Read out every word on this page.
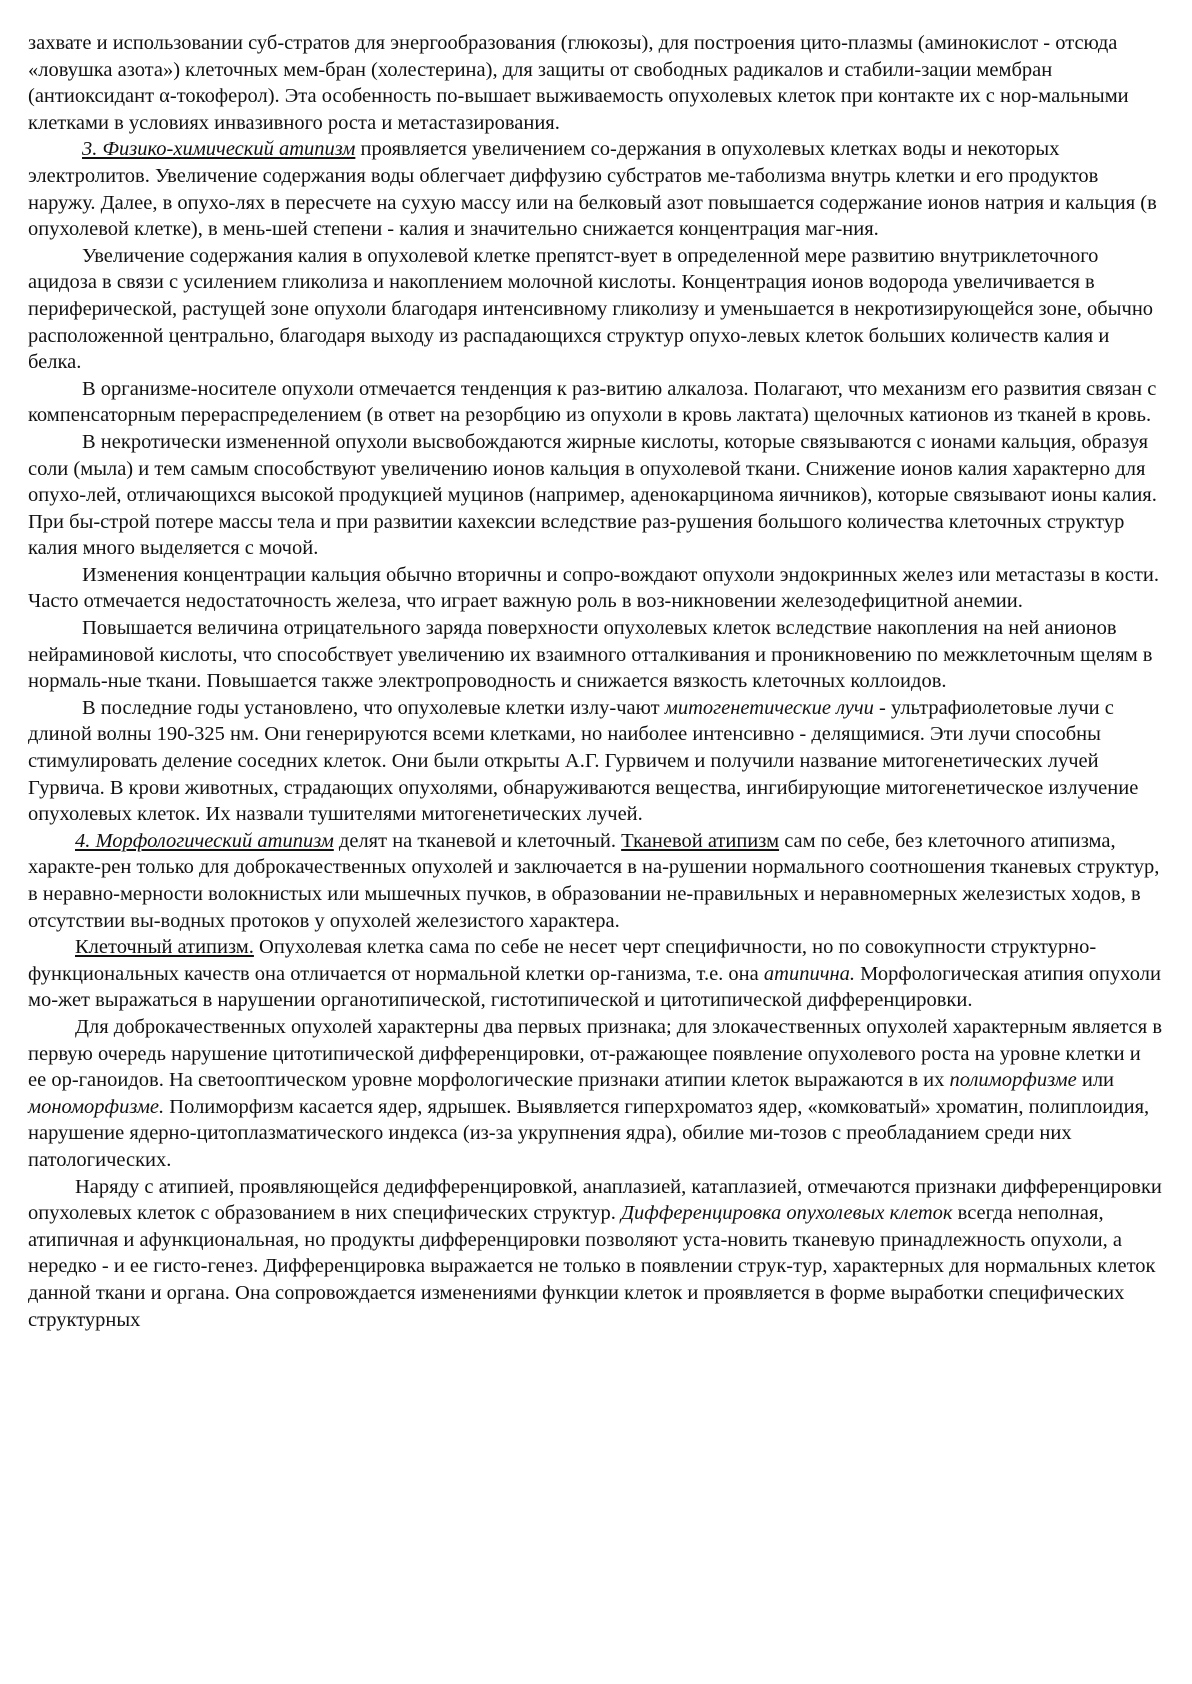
захвате и использовании суб-стратов для энергообразования (глюкозы), для построения цито-плазмы (аминокислот - отсюда «ловушка азота») клеточных мем-бран (холестерина), для защиты от свободных радикалов и стабили-зации мембран (антиоксидант α-токоферол). Эта особенность по-вышает выживаемость опухолевых клеток при контакте их с нор-мальными клетками в условиях инвазивного роста и метастазирования.

3. Физико-химический атипизм проявляется увеличением со-держания в опухолевых клетках воды и некоторых электролитов. Увеличение содержания воды облегчает диффузию субстратов ме-таболизма внутрь клетки и его продуктов наружу. Далее, в опухо-лях в пересчете на сухую массу или на белковый азот повышается содержание ионов натрия и кальция (в опухолевой клетке), в мень-шей степени - калия и значительно снижается концентрация маг-ния.

Увеличение содержания калия в опухолевой клетке препятст-вует в определенной мере развитию внутриклеточного ацидоза в связи с усилением гликолиза и накоплением молочной кислоты. Концентрация ионов водорода увеличивается в периферической, растущей зоне опухоли благодаря интенсивному гликолизу и уменьшается в некротизирующейся зоне, обычно расположенной центрально, благодаря выходу из распадающихся структур опухо-левых клеток больших количеств калия и белка.

В организме-носителе опухоли отмечается тенденция к раз-витию алкалоза. Полагают, что механизм его развития связан с компенсаторным перераспределением (в ответ на резорбцию из опухоли в кровь лактата) щелочных катионов из тканей в кровь.

В некротически измененной опухоли высвобождаются жирные кислоты, которые связываются с ионами кальция, образуя соли (мыла) и тем самым способствуют увеличению ионов кальция в опухолевой ткани. Снижение ионов калия характерно для опухо-лей, отличающихся высокой продукцией муцинов (например, аденокарцинома яичников), которые связывают ионы калия. При бы-строй потере массы тела и при развитии кахексии вследствие раз-рушения большого количества клеточных структур калия много выделяется с мочой.

Изменения концентрации кальция обычно вторичны и сопро-вождают опухоли эндокринных желез или метастазы в кости. Часто отмечается недостаточность железа, что играет важную роль в воз-никновении железодефицитной анемии.

Повышается величина отрицательного заряда поверхности опухолевых клеток вследствие накопления на ней анионов нейраминовой кислоты, что способствует увеличению их взаимного отталкивания и проникновению по межклеточным щелям в нормаль-ные ткани. Повышается также электропроводность и снижается вязкость клеточных коллоидов.

В последние годы установлено, что опухолевые клетки излу-чают митогенетические лучи - ультрафиолетовые лучи с длиной волны 190-325 нм. Они генерируются всеми клетками, но наиболее интенсивно - делящимися. Эти лучи способны стимулировать деление соседних клеток. Они были открыты А.Г. Гурвичем и получили название митогенетических лучей Гурвича. В крови животных, страдающих опухолями, обнаруживаются вещества, ингибирующие митогенетическое излучение опухолевых клеток. Их назвали тушителями митогенетических лучей.

4. Морфологический атипизм делят на тканевой и клеточный. Тканевой атипизм сам по себе, без клеточного атипизма, характе-рен только для доброкачественных опухолей и заключается в на-рушении нормального соотношения тканевых структур, в неравно-мерности волокнистых или мышечных пучков, в образовании не-правильных и неравномерных железистых ходов, в отсутствии вы-водных протоков у опухолей железистого характера.

Клеточный атипизм. Опухолевая клетка сама по себе не несет черт специфичности, но по совокупности структурно-функциональных качеств она отличается от нормальной клетки ор-ганизма, т.е. она атипична. Морфологическая атипия опухоли мо-жет выражаться в нарушении органотипической, гистотипической и цитотипической дифференцировки.

Для доброкачественных опухолей характерны два первых признака; для злокачественных опухолей характерным является в первую очередь нарушение цитотипической дифференцировки, от-ражающее появление опухолевого роста на уровне клетки и ее ор-ганоидов. На светооптическом уровне морфологические признаки атипии клеток выражаются в их полиморфизме или мономорфизме. Полиморфизм касается ядер, ядрышек. Выявляется гиперхроматоз ядер, «комковатый» хроматин, полиплоидия, нарушение ядерно-цитоплазматического индекса (из-за укрупнения ядра), обилие ми-тозов с преобладанием среди них патологических.

Наряду с атипией, проявляющейся дедифференцировкой, анаплазией, катаплазией, отмечаются признаки дифференцировки опухолевых клеток с образованием в них специфических структур. Дифференцировка опухолевых клеток всегда неполная, атипичная и афункциональная, но продукты дифференцировки позволяют уста-новить тканевую принадлежность опухоли, а нередко - и ее гисто-генез. Дифференцировка выражается не только в появлении струк-тур, характерных для нормальных клеток данной ткани и органа. Она сопровождается изменениями функции клеток и проявляется в форме выработки специфических структурных
